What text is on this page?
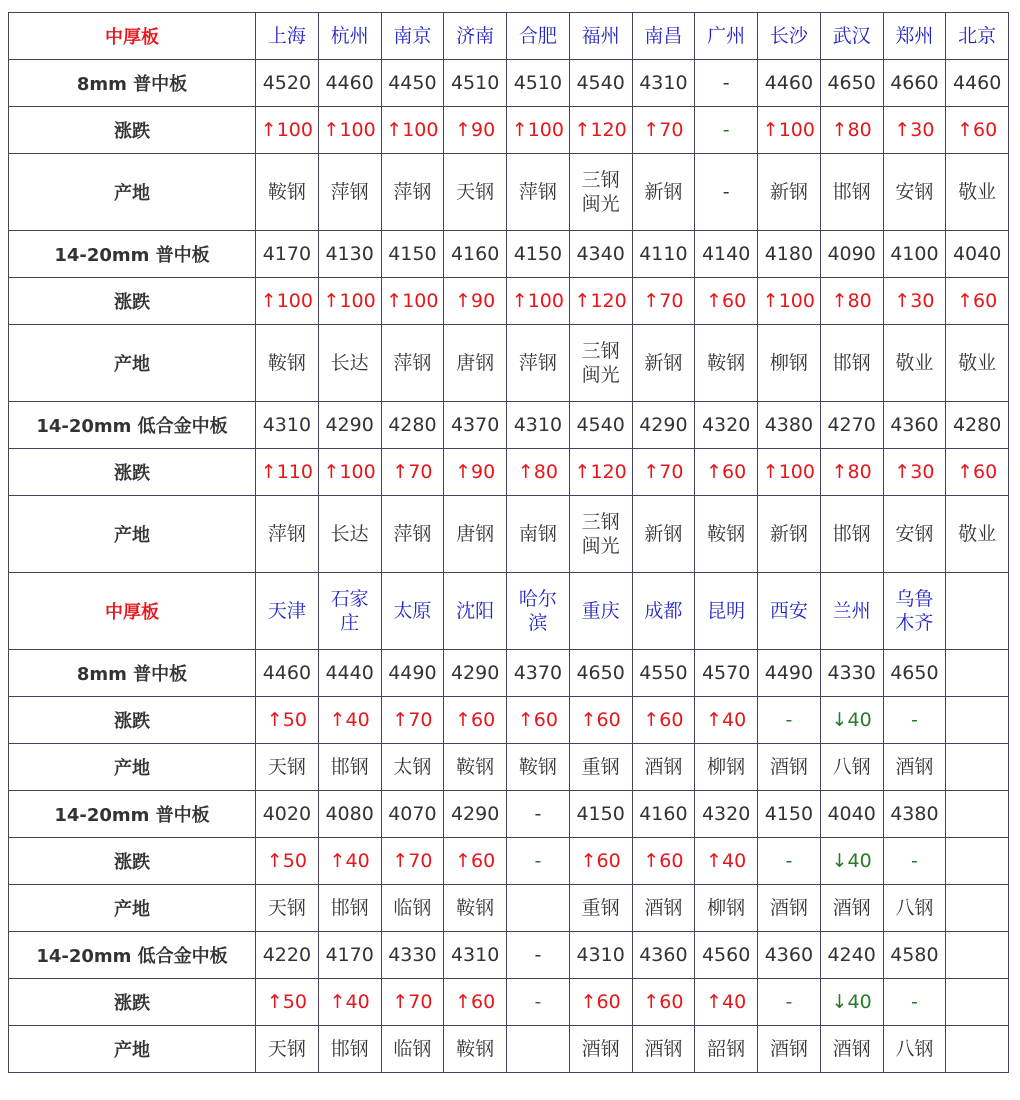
中厚板	上海	杭州	南京	济南	合肥	福州	南昌	广州	长沙	武汉	郑州	北京
8mm 普中板	4520	4460	4450	4510	4510	4540	4310	-	4460	4650	4660	4460
涨跌	↑100	↑100	↑100	↑90	↑100	↑120	↑70	-	↑100	↑80	↑30	↑60
产地	鞍钢	萍钢	萍钢	天钢	萍钢	三钢闽光	新钢	-	新钢	邯钢	安钢	敬业
14-20mm 普中板	4170	4130	4150	4160	4150	4340	4110	4140	4180	4090	4100	4040
涨跌	↑100	↑100	↑100	↑90	↑100	↑120	↑70	↑60	↑100	↑80	↑30	↑60
产地	鞍钢	长达	萍钢	唐钢	萍钢	三钢闽光	新钢	鞍钢	柳钢	邯钢	敬业	敬业
14-20mm 低合金中板	4310	4290	4280	4370	4310	4540	4290	4320	4380	4270	4360	4280
涨跌	↑110	↑100	↑70	↑90	↑80	↑120	↑70	↑60	↑100	↑80	↑30	↑60
产地	萍钢	长达	萍钢	唐钢	南钢	三钢闽光	新钢	鞍钢	新钢	邯钢	安钢	敬业
中厚板	天津	石家庄	太原	沈阳	哈尔滨	重庆	成都	昆明	西安	兰州	乌鲁木齐	
8mm 普中板	4460	4440	4490	4290	4370	4650	4550	4570	4490	4330	4650	
涨跌	↑50	↑40	↑70	↑60	↑60	↑60	↑60	↑40	-	↓40	-	
产地	天钢	邯钢	太钢	鞍钢	鞍钢	重钢	酒钢	柳钢	酒钢	八钢	酒钢	
14-20mm 普中板	4020	4080	4070	4290	-	4150	4160	4320	4150	4040	4380	
涨跌	↑50	↑40	↑70	↑60	-	↑60	↑60	↑40	-	↓40	-	
产地	天钢	邯钢	临钢	鞍钢		重钢	酒钢	柳钢	酒钢	酒钢	八钢	
14-20mm 低合金中板	4220	4170	4330	4310	-	4310	4360	4560	4360	4240	4580	
涨跌	↑50	↑40	↑70	↑60	-	↑60	↑60	↑40	-	↓40	-	
产地	天钢	邯钢	临钢	鞍钢		酒钢	酒钢	韶钢	酒钢	酒钢	八钢	
